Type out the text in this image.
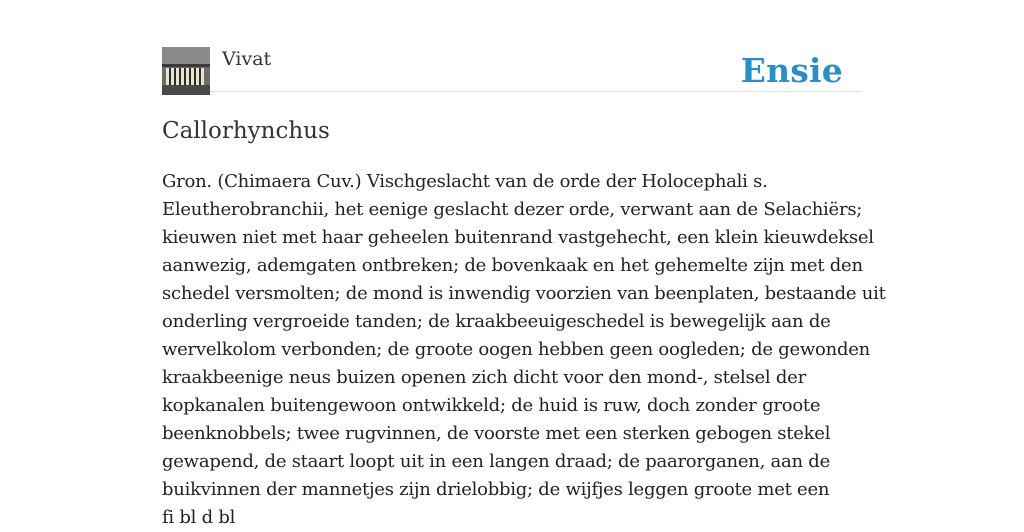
Vivat	Ensie
Callorhynchus
Gron. (Chimaera Cuv.) Vischgeslacht van de orde der Holocephali s.
Eleutherobranchii, het eenige geslacht dezer orde, verwant aan de Selachiërs;
kieuwen niet met haar geheelen buitenrand vastgehecht, een klein kieuwdeksel
aanwezig, ademgaten ontbreken; de bovenkaak en het gehemelte zijn met den
schedel versmolten; de mond is inwendig voorzien van beenplaten, bestaande uit
onderling vergroeide tanden; de kraakbeeuigeschedel is bewegelijk aan de
wervelkolom verbonden; de groote oogen hebben geen oogleden; de gewonden
kraakbeenige neus buizen openen zich dicht voor den mond-, stelsel der
kopkanalen buitengewoon ontwikkeld; de huid is ruw, doch zonder groote
beenknobbels; twee rugvinnen, de voorste met een sterken gebogen stekel
gewapend, de staart loopt uit in een langen draad; de paarorganen, aan de
buikvinnen der mannetjes zijn drielobbig; de wijfjes leggen groote met een
fi bl d bl
